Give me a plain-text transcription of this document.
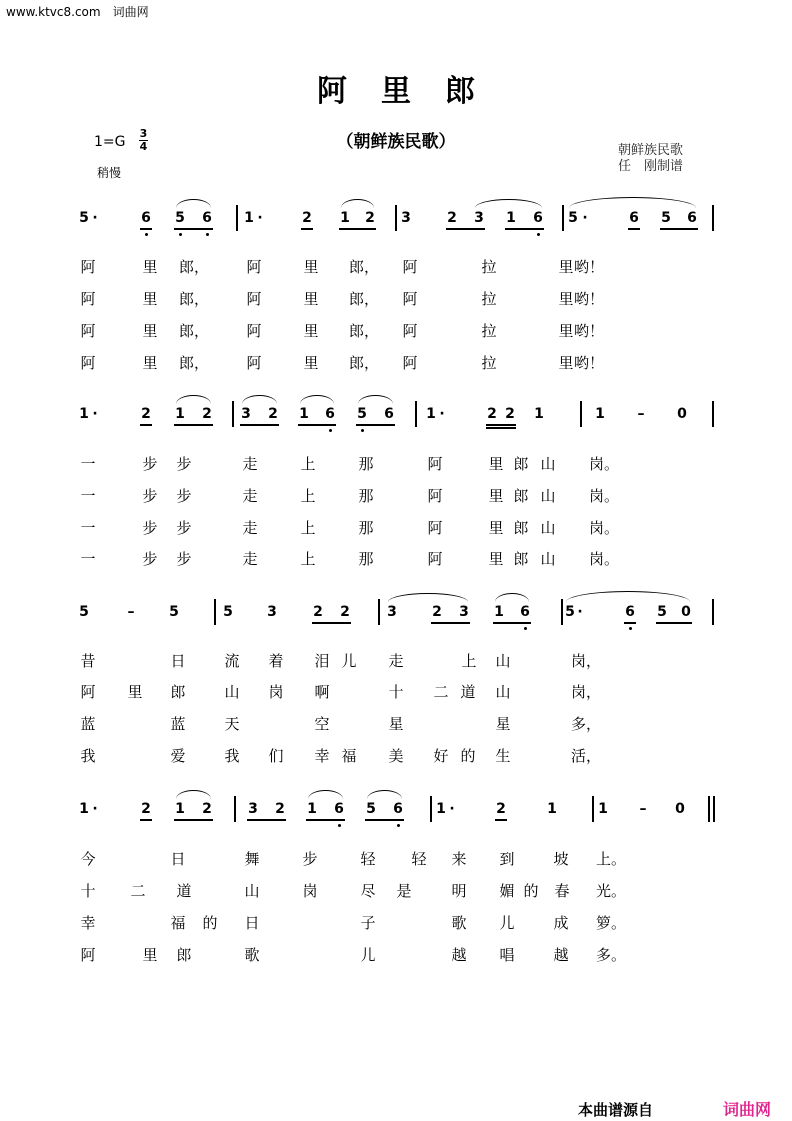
www.ktvc8.com　词曲网
阿里郎
（朝鲜族民歌）
1=G
3
4
稍慢
朝鲜族民歌
任　刚制谱
5 ·	6 5 6 1 ·	2 1 2 3	2 3 1 6 5 ·	6 5 6
阿	里 郎， 阿	里 郎， 阿	拉	里 哟！
阿	里 郎， 阿	里 郎， 阿	拉	里 哟！
阿	里 郎， 阿	里 郎， 阿	拉	里 哟！
阿	里 郎， 阿	里 郎， 阿	拉	里 哟！
1 ·	2 1 2 3 2 1 6 5 6 1 ·	2 2 1	1 – 0
一	步 步	走	上	那	阿	里 郎 山 岗。
一	步 步	走	上	那	阿	里 郎 山 岗。
一	步 步	走	上	那	阿	里 郎 山 岗。
一	步 步	走	上	那	阿	里 郎 山 岗。
5	– 5	5 3	2 2	3	2 3 1 6	5 ·	6 5 0
昔	日	流 着 泪 儿 走	上 山	岗，
阿 里 郎	山 岗 啊	十 二 道 山	岗，
蓝	蓝	天	空	星	星	多，
我	爱	我 们 幸 福 美 好 的 生	活，
1 ·	2 1 2	3 2 1 6 5 6 1 ·	2	1	1 – 0
今	日	舞	步	轻 轻 来 到	坡 上。
十 二 道	山	岗	尽 是	明 媚 的 春 光。
幸	福 的 日	子	歌 儿	成 箩。
阿	里 郎	歌	儿	越 唱	越 多。
本曲谱源自	词曲网
